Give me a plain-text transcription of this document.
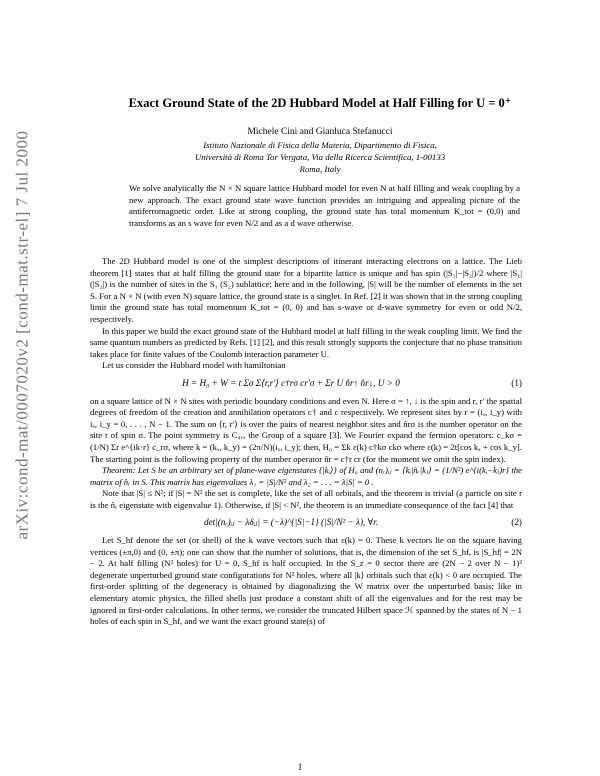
arXiv:cond-mat/0007020v2 [cond-mat.str-el] 7 Jul 2000
Exact Ground State of the 2D Hubbard Model at Half Filling for U = 0⁺
Michele Cini and Gianluca Stefanucci
Istituto Nazionale di Fisica della Materia, Dipartimento di Fisica,
Università di Roma Tor Vergata, Via della Ricerca Scientifica, 1-00133
Roma, Italy
We solve analytically the N × N square lattice Hubbard model for even N at half filling and weak coupling by a new approach. The exact ground state wave function provides an intriguing and appealing picture of the antiferromagnetic order. Like at strong coupling, the ground state has total momentum K_tot = (0,0) and transforms as an s wave for even N/2 and as a d wave otherwise.

The 2D Hubbard model is one of the simplest descriptions of itinerant interacting electrons on a lattice. The Lieb theorem [1] states that at half filling the ground state for a bipartite lattice is unique and has spin (|S₁|−|S₂|)/2 where |S₁| (|S₂|) is the number of sites in the S₁ (S₂) sublattice; here and in the following, |S| will be the number of elements in the set S. For a N × N (with even N) square lattice, the ground state is a singlet. In Ref. [2] it was shown that in the strong coupling limit the ground state has total momentum K_tot = (0, 0) and has s-wave or d-wave symmetry for even or odd N/2, respectively.

In this paper we build the exact ground state of the Hubbard model at half filling in the weak coupling limit. We find the same quantum numbers as predicted by Refs. [1] [2], and this result strongly supports the conjecture that no phase transition takes place for finite values of the Coulomb interaction parameter U.

Let us consider the Hubbard model with hamiltonian

H = H₀ + W = t Σσ Σ⟨r,r′⟩ c†rσ cr′σ + Σr U n̂r↑ n̂r↓, U > 0	(1)

on a square lattice of N × N sites with periodic boundary conditions and even N. Here σ = ↑, ↓ is the spin and r, r′ the spatial degrees of freedom of the creation and annihilation operators c† and c respectively. We represent sites by r = (iₓ, i_y) with iₓ, i_y = 0, . . . , N − 1. The sum on ⟨r, r′⟩ is over the pairs of nearest neighbor sites and n̂rσ is the number operator on the site r of spin σ. The point symmetry is C₄ᵥ, the Group of a square [3]. We Fourier expand the fermion operators: c_kσ = (1/N) Σr e^{ik·r} c_rσ, where k = (kₓ, k_y) = (2π/N)(iₓ, i_y); then, H₀ = Σk ε(k) c†kσ ckσ where ε(k) = 2t[cos kₓ + cos k_y]. The starting point is the following property of the number operator n̂r = c†r cr (for the moment we omit the spin index).

Theorem: Let S be an arbitrary set of plane-wave eigenstates {|kᵢ⟩} of H₀ and (nᵣ)ᵢⱼ = ⟨kᵢ|n̂ᵣ|kⱼ⟩ = (1/N²) e^{i(kᵢ−kⱼ)r} the matrix of n̂ᵣ in S. This matrix has eigenvalues λ₁ = |S|/N² and λ₂ = . . . = λ|S| = 0 .

Note that |S| ≤ N²; if |S| = N² the set is complete, like the set of all orbitals, and the theorem is trivial (a particle on site r is the n̂ᵣ eigenstate with eigenvalue 1). Otherwise, if |S| < N², the theorem is an immediate consequence of the fact [4] that

det|(nᵣ)ᵢⱼ − λδᵢⱼ| = (−λ)^{|S|−1} (|S|/N² − λ), ∀r.	(2)

Let S_hf denote the set (or shell) of the k wave vectors such that ε(k) = 0. These k vectors lie on the square having vertices (±π,0) and (0, ±π); one can show that the number of solutions, that is, the dimension of the set S_hf, is |S_hf| = 2N − 2. At half filling (N² holes) for U = 0, S_hf is half occupied. In the S_z = 0 sector there are (2N − 2 over N − 1)² degenerate unperturbed ground state configurations for N² holes, where all |k⟩ orbitals such that ε(k) < 0 are occupied. The first-order splitting of the degeneracy is obtained by diagonalizing the W matrix over the unperturbed basis; like in elementary atomic physics, the filled shells just produce a constant shift of all the eigenvalues and for the rest may be ignored in first-order calculations. In other terms, we consider the truncated Hilbert space ℋ spanned by the states of N − 1 holes of each spin in S_hf, and we want the exact ground state(s) of

1
